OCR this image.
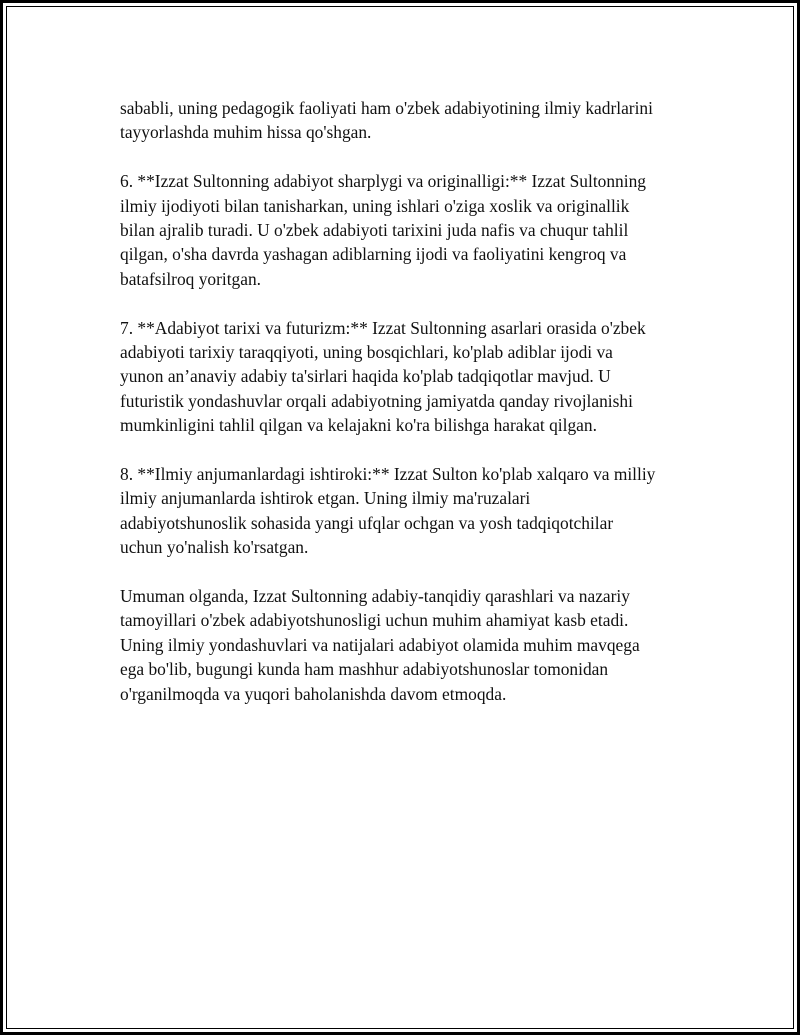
sababli, uning pedagogik faoliyati ham o'zbek adabiyotining ilmiy kadrlarini
tayyorlashda muhim hissa qo'shgan.

6. **Izzat Sultonning adabiyot sharplygi va originalligi:** Izzat Sultonning
ilmiy ijodiyoti bilan tanisharkan, uning ishlari o'ziga xoslik va originallik
bilan ajralib turadi. U o'zbek adabiyoti tarixini juda nafis va chuqur tahlil
qilgan, o'sha davrda yashagan adiblarning ijodi va faoliyatini kengroq va
batafsilroq yoritgan.

7. **Adabiyot tarixi va futurizm:** Izzat Sultonning asarlari orasida o'zbek
adabiyoti tarixiy taraqqiyoti, uning bosqichlari, ko'plab adiblar ijodi va
yunon an’anaviy adabiy ta'sirlari haqida ko'plab tadqiqotlar mavjud. U
futuristik yondashuvlar orqali adabiyotning jamiyatda qanday rivojlanishi
mumkinligini tahlil qilgan va kelajakni ko'ra bilishga harakat qilgan.

8. **Ilmiy anjumanlardagi ishtiroki:** Izzat Sulton ko'plab xalqaro va milliy
ilmiy anjumanlarda ishtirok etgan. Uning ilmiy ma'ruzalari
adabiyotshunoslik sohasida yangi ufqlar ochgan va yosh tadqiqotchilar
uchun yo'nalish ko'rsatgan.

Umuman olganda, Izzat Sultonning adabiy-tanqidiy qarashlari va nazariy
tamoyillari o'zbek adabiyotshunosligi uchun muhim ahamiyat kasb etadi.
Uning ilmiy yondashuvlari va natijalari adabiyot olamida muhim mavqega
ega bo'lib, bugungi kunda ham mashhur adabiyotshunoslar tomonidan
o'rganilmoqda va yuqori baholanishda davom etmoqda.
